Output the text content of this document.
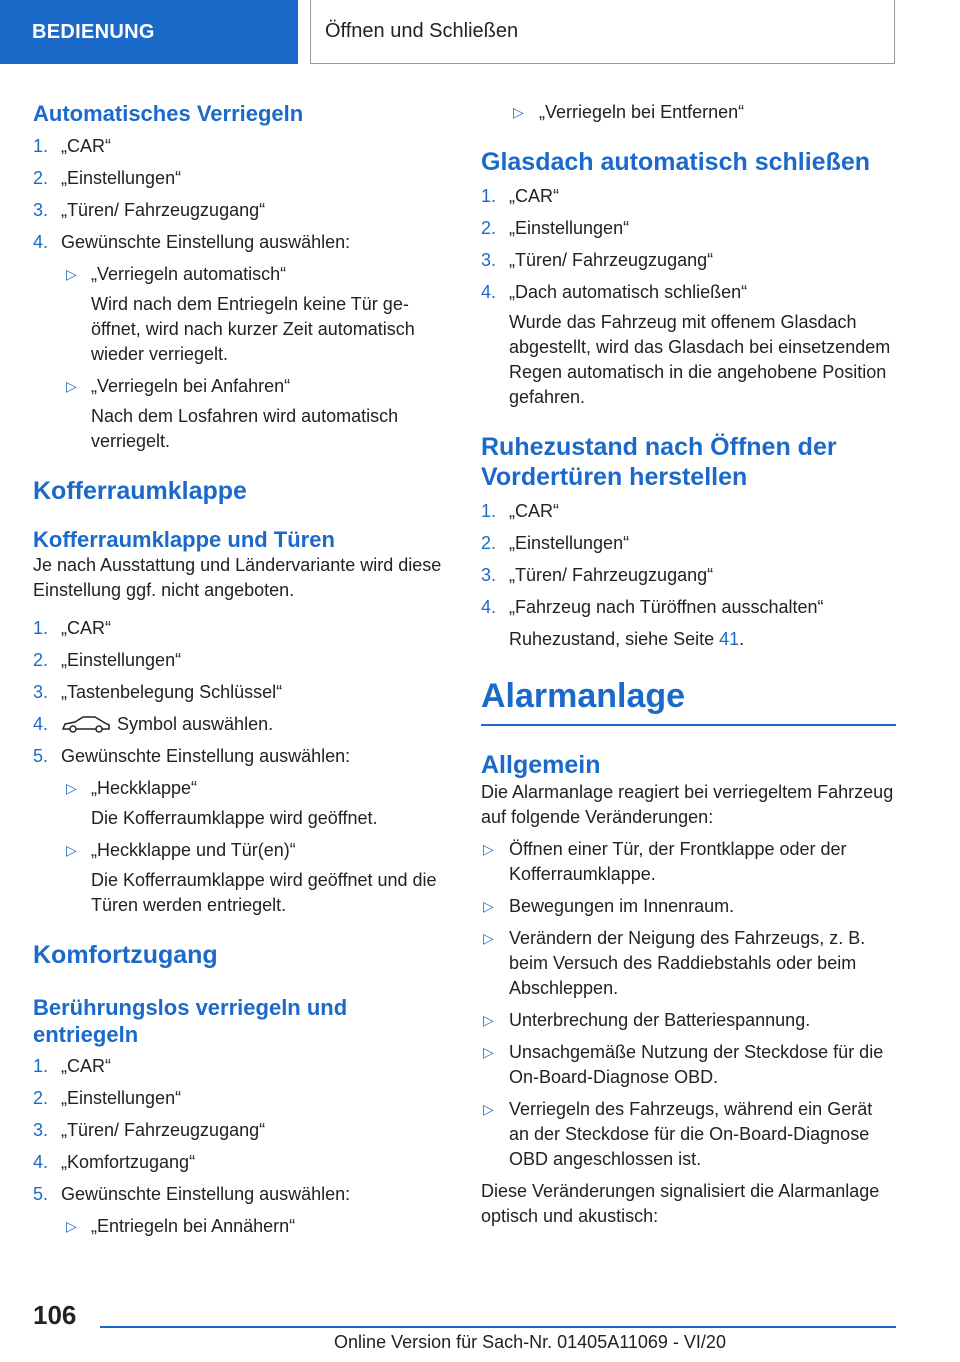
BEDIENUNG	Öffnen und Schließen
Automatisches Verriegeln
1. „CAR“
2. „Einstellungen“
3. „Türen/ Fahrzeugzugang“
4. Gewünschte Einstellung auswählen:
▷ „Verriegeln automatisch“
Wird nach dem Entriegeln keine Tür geöffnet, wird nach kurzer Zeit automatisch wieder verriegelt.
▷ „Verriegeln bei Anfahren“
Nach dem Losfahren wird automatisch verriegelt.
Kofferraumklappe
Kofferraumklappe und Türen

Je nach Ausstattung und Ländervariante wird diese Einstellung ggf. nicht angeboten.

1. „CAR“
2. „Einstellungen“
3. „Tastenbelegung Schlüssel“
4.	Symbol auswählen.
5. Gewünschte Einstellung auswählen:
▷ „Heckklappe“
Die Kofferraumklappe wird geöffnet.
▷ „Heckklappe und Tür(en)“
Die Kofferraumklappe wird geöffnet und die Türen werden entriegelt.
Komfortzugang
Berührungslos verriegeln und entriegeln
1. „CAR“
2. „Einstellungen“
3. „Türen/ Fahrzeugzugang“
4. „Komfortzugang“
5. Gewünschte Einstellung auswählen:
▷ „Entriegeln bei Annähern“
▷ „Verriegeln bei Entfernen“
Glasdach automatisch schließen
1. „CAR“
2. „Einstellungen“
3. „Türen/ Fahrzeugzugang“
4. „Dach automatisch schließen“
Wurde das Fahrzeug mit offenem Glasdach abgestellt, wird das Glasdach bei einsetzendem Regen automatisch in die angehobene Position gefahren.
Ruhezustand nach Öffnen der Vordertüren herstellen
1. „CAR“
2. „Einstellungen“
3. „Türen/ Fahrzeugzugang“
4. „Fahrzeug nach Türöffnen ausschalten“
Ruhezustand, siehe Seite 41.
Alarmanlage
Allgemein

Die Alarmanlage reagiert bei verriegeltem Fahrzeug auf folgende Veränderungen:

▷ Öffnen einer Tür, der Frontklappe oder der Kofferraumklappe.
▷ Bewegungen im Innenraum.
▷ Verändern der Neigung des Fahrzeugs, z. B. beim Versuch des Raddiebstahls oder beim Abschleppen.
▷ Unterbrechung der Batteriespannung.
▷ Unsachgemäße Nutzung der Steckdose für die On-Board-Diagnose OBD.
▷ Verriegeln des Fahrzeugs, während ein Gerät an der Steckdose für die On-Board-Diagnose OBD angeschlossen ist.

Diese Veränderungen signalisiert die Alarmanlage optisch und akustisch:

106
Online Version für Sach-Nr. 01405A11069 - VI/20
